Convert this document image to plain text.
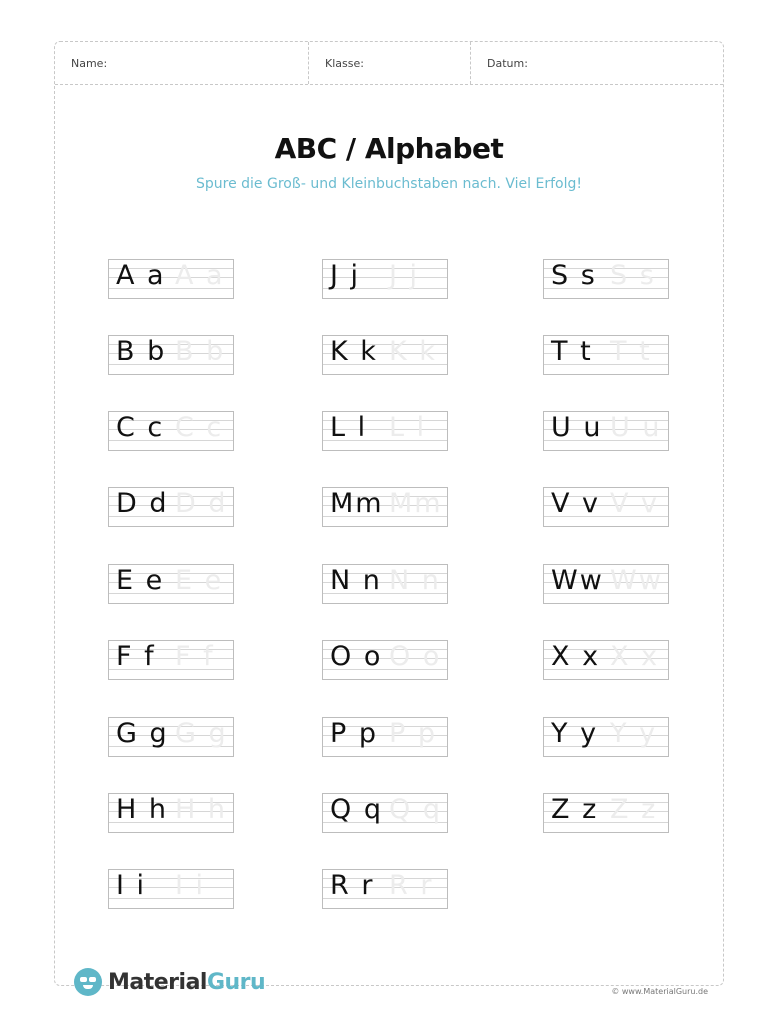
Name:	Klasse:	Datum:
ABC / Alphabet
Spure die Groß- und Kleinbuchstaben nach. Viel Erfolg!
A a A a
B b B b
C c C c
D d D d
E e E e
F f F f
G g G g
H h H h
I i I i
J j J j
K k K k
L l L l
Mm Mm
N n N n
O o O o
P p P p
Q q Q q
R r R r
S s S s
T t T t
U u U u
V v V v
Ww Ww
X x X x
Y y Y y
Z z Z z
MaterialGuru	© www.MaterialGuru.de
